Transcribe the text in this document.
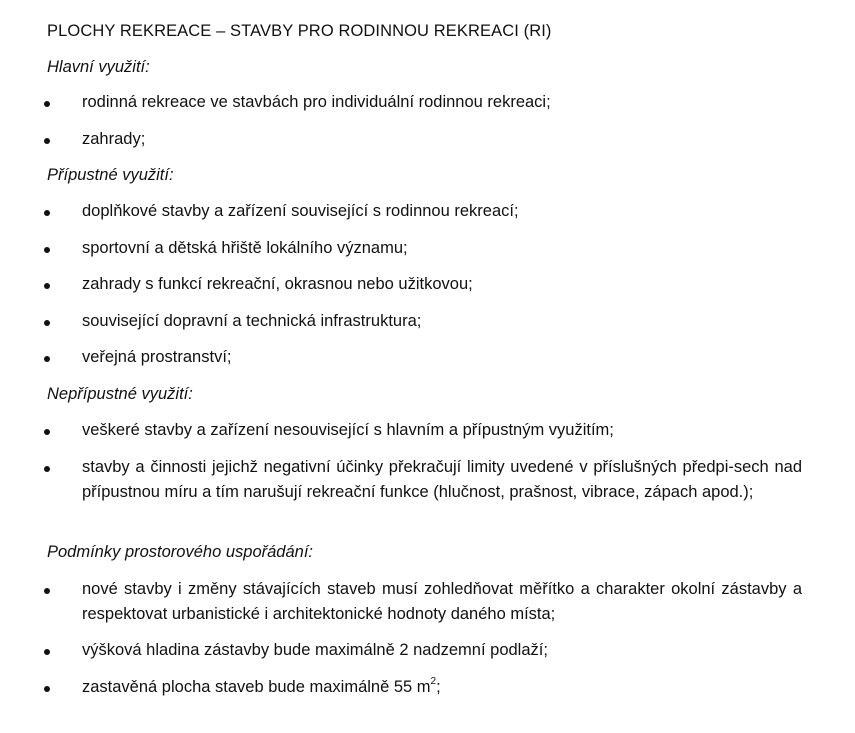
PLOCHY REKREACE – STAVBY PRO RODINNOU REKREACI (RI)
Hlavní využití:
rodinná rekreace ve stavbách pro individuální rodinnou rekreaci;
zahrady;
Přípustné využití:
doplňkové stavby a zařízení související s rodinnou rekreací;
sportovní a dětská hřiště lokálního významu;
zahrady s funkcí rekreační, okrasnou nebo užitkovou;
související dopravní a technická infrastruktura;
veřejná prostranství;
Nepřípustné využití:
veškeré stavby a zařízení nesouvisející s hlavním a přípustným využitím;
stavby a činnosti jejichž negativní účinky překračují limity uvedené v příslušných předpi-sech nad přípustnou míru a tím narušují rekreační funkce (hlučnost, prašnost, vibrace, zápach apod.);
Podmínky prostorového uspořádání:
nové stavby i změny stávajících staveb musí zohledňovat měřítko a charakter okolní zástavby a respektovat urbanistické i architektonické hodnoty daného místa;
výšková hladina zástavby bude maximálně 2 nadzemní podlaží;
zastavěná plocha staveb bude maximálně 55 $m^2$;
